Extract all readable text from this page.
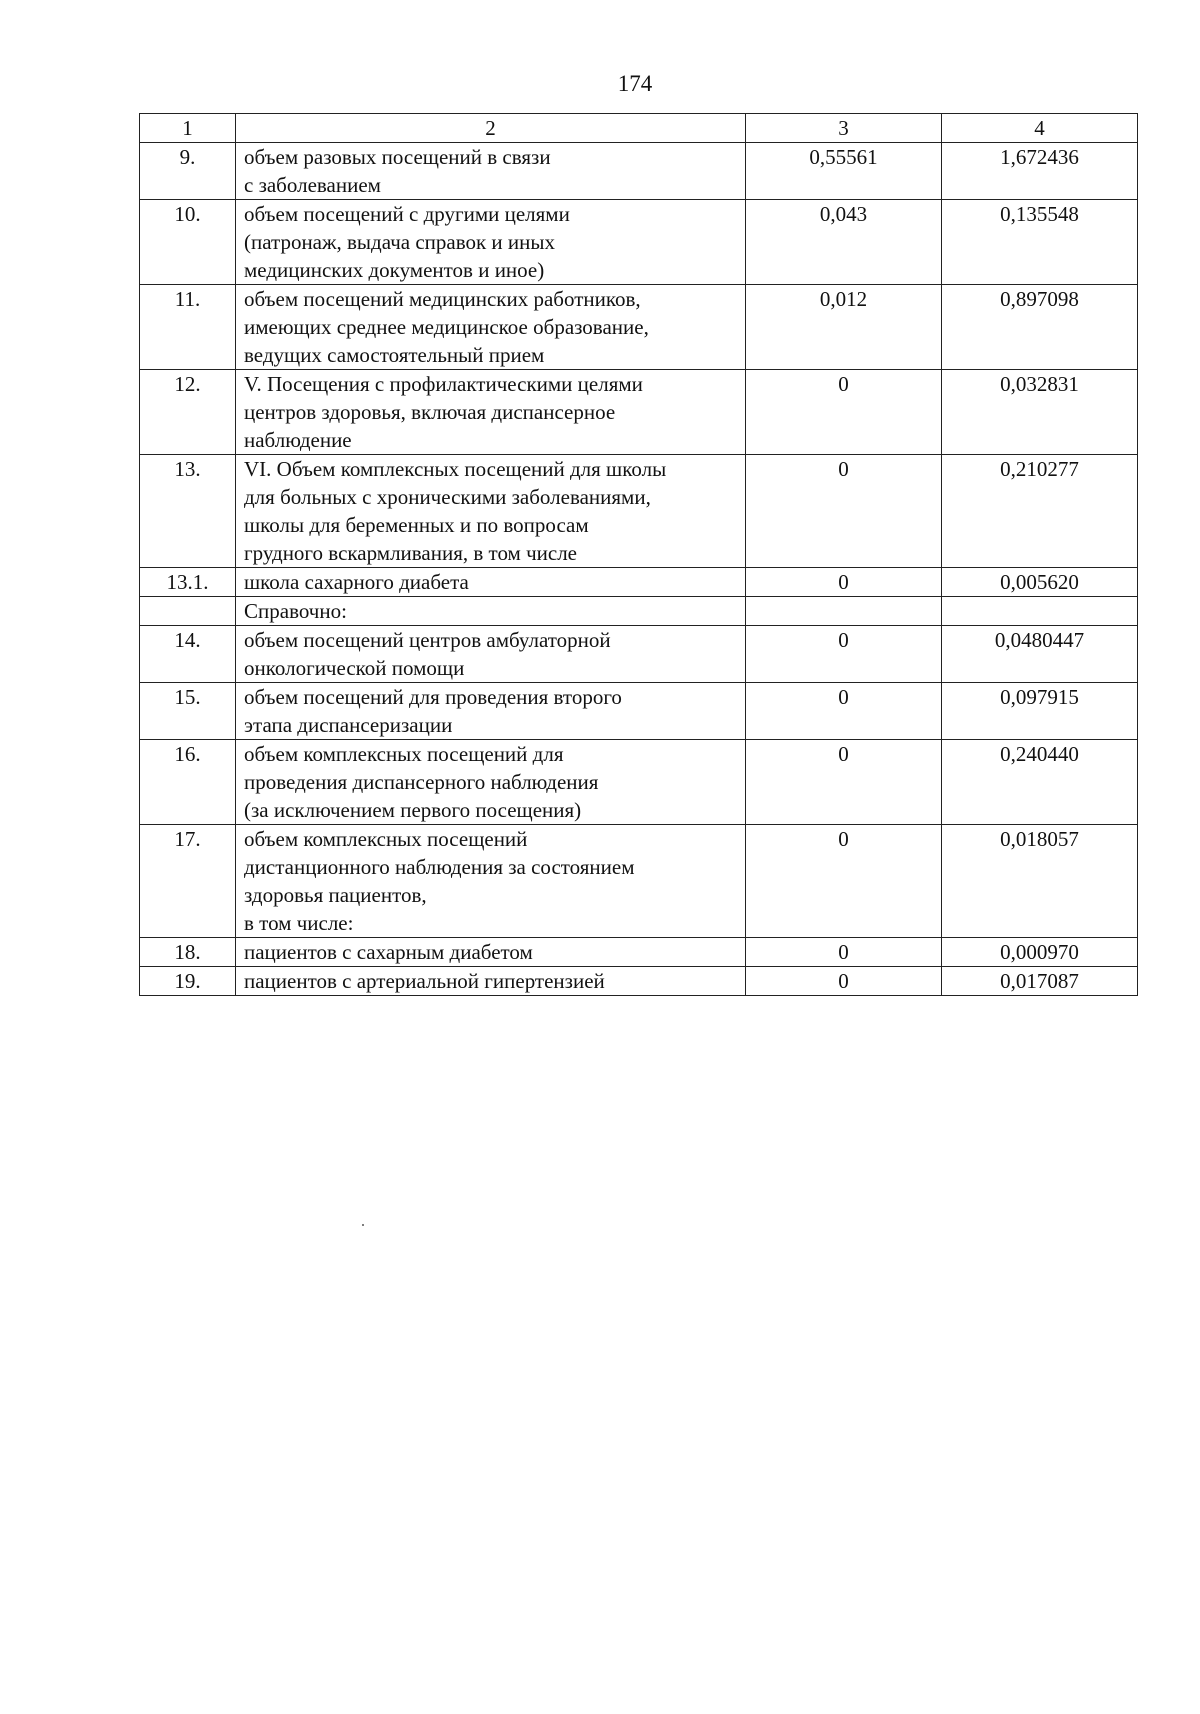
174
1	2	3	4
9.	объем разовых посещений в связи
с заболеванием	0,55561	1,672436
10.	объем посещений с другими целями
(патронаж, выдача справок и иных
медицинских документов и иное)	0,043	0,135548
11.	объем посещений медицинских работников,
имеющих среднее медицинское образование,
ведущих самостоятельный прием	0,012	0,897098
12.	V. Посещения с профилактическими целями
центров здоровья, включая диспансерное
наблюдение	0	0,032831
13.	VI. Объем комплексных посещений для школы
для больных с хроническими заболеваниями,
школы для беременных и по вопросам
грудного вскармливания, в том числе	0	0,210277
13.1.	школа сахарного диабета	0	0,005620

	Справочно:		

14.	объем посещений центров амбулаторной
онкологической помощи	0	0,0480447
15.	объем посещений для проведения второго
этапа диспансеризации	0	0,097915
16.	объем комплексных посещений для
проведения диспансерного наблюдения
(за исключением первого посещения)	0	0,240440
17.	объем комплексных посещений
дистанционного наблюдения за состоянием
здоровья пациентов,
в том числе:	0	0,018057
18.	пациентов с сахарным диабетом	0	0,000970
19.	пациентов с артериальной гипертензией	0	0,017087
